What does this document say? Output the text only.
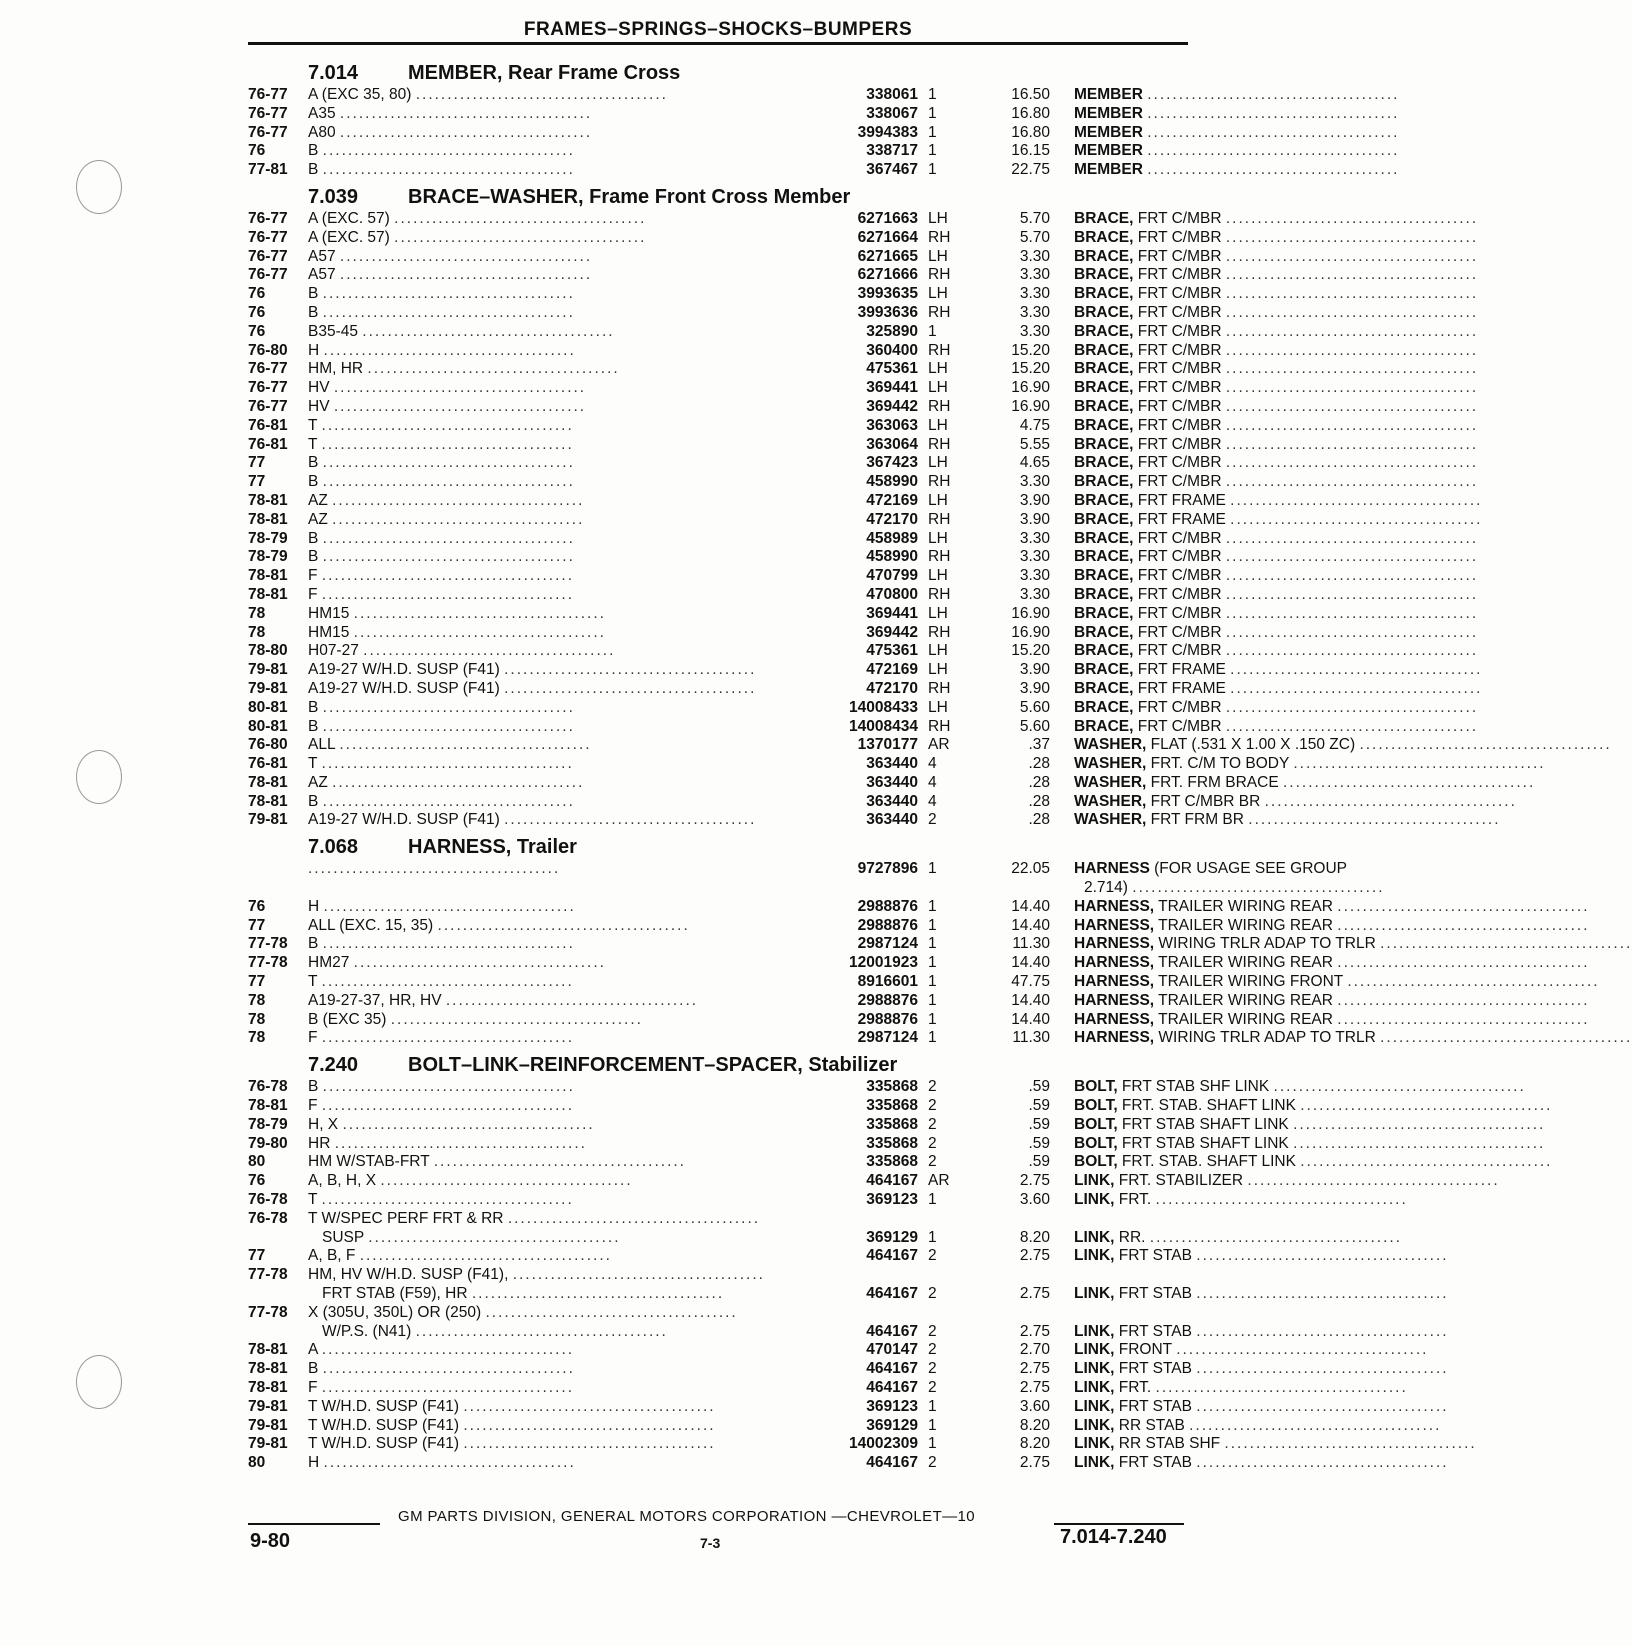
FRAMES–SPRINGS–SHOCKS–BUMPERS
7.014 MEMBER, Rear Frame Cross
76-77	A (EXC 35, 80) ........................................	338061 1	16.50 MEMBER ........................................
76-77	A35 ........................................	338067 1	16.80 MEMBER ........................................
76-77	A80 ........................................	3994383 1	16.80 MEMBER ........................................
76	B ........................................	338717 1	16.15 MEMBER ........................................
77-81	B ........................................	367467 1	22.75 MEMBER ........................................
7.039 BRACE–WASHER, Frame Front Cross Member
76-77	A (EXC. 57) ........................................	6271663 LH	5.70 BRACE, FRT C/MBR ........................................
76-77	A (EXC. 57) ........................................	6271664 RH	5.70 BRACE, FRT C/MBR ........................................
76-77	A57 ........................................	6271665 LH	3.30 BRACE, FRT C/MBR ........................................
76-77	A57 ........................................	6271666 RH	3.30 BRACE, FRT C/MBR ........................................
76	B ........................................	3993635 LH	3.30 BRACE, FRT C/MBR ........................................
76	B ........................................	3993636 RH	3.30 BRACE, FRT C/MBR ........................................
76	B35-45 ........................................	325890 1	3.30 BRACE, FRT C/MBR ........................................
76-80	H ........................................	360400 RH	15.20 BRACE, FRT C/MBR ........................................
76-77	HM, HR ........................................	475361 LH	15.20 BRACE, FRT C/MBR ........................................
76-77	HV ........................................	369441 LH	16.90 BRACE, FRT C/MBR ........................................
76-77	HV ........................................	369442 RH	16.90 BRACE, FRT C/MBR ........................................
76-81	T ........................................	363063 LH	4.75 BRACE, FRT C/MBR ........................................
76-81	T ........................................	363064 RH	5.55 BRACE, FRT C/MBR ........................................
77	B ........................................	367423 LH	4.65 BRACE, FRT C/MBR ........................................
77	B ........................................	458990 RH	3.30 BRACE, FRT C/MBR ........................................
78-81	AZ ........................................	472169 LH	3.90 BRACE, FRT FRAME ........................................
78-81	AZ ........................................	472170 RH	3.90 BRACE, FRT FRAME ........................................
78-79	B ........................................	458989 LH	3.30 BRACE, FRT C/MBR ........................................
78-79	B ........................................	458990 RH	3.30 BRACE, FRT C/MBR ........................................
78-81	F ........................................	470799 LH	3.30 BRACE, FRT C/MBR ........................................
78-81	F ........................................	470800 RH	3.30 BRACE, FRT C/MBR ........................................
78	HM15 ........................................	369441 LH	16.90 BRACE, FRT C/MBR ........................................
78	HM15 ........................................	369442 RH	16.90 BRACE, FRT C/MBR ........................................
78-80	H07-27 ........................................	475361 LH	15.20 BRACE, FRT C/MBR ........................................
79-81	A19-27 W/H.D. SUSP (F41) ........................................	472169 LH	3.90 BRACE, FRT FRAME ........................................
79-81	A19-27 W/H.D. SUSP (F41) ........................................	472170 RH	3.90 BRACE, FRT FRAME ........................................
80-81	B ........................................	14008433 LH	5.60 BRACE, FRT C/MBR ........................................
80-81	B ........................................	14008434 RH	5.60 BRACE, FRT C/MBR ........................................
76-80	ALL ........................................	1370177 AR	.37 WASHER, FLAT (.531 X 1.00 X .150 ZC) ........................................
76-81	T ........................................	363440 4	.28 WASHER, FRT. C/M TO BODY ........................................
78-81	AZ ........................................	363440 4	.28 WASHER, FRT. FRM BRACE ........................................
78-81	B ........................................	363440 4	.28 WASHER, FRT C/MBR BR ........................................
79-81	A19-27 W/H.D. SUSP (F41) ........................................	363440 2	.28 WASHER, FRT FRM BR ........................................
7.068 HARNESS, Trailer
........................................	9727896 1	22.05 HARNESS (FOR USAGE SEE GROUP
2.714) ........................................
76	H ........................................	2988876 1	14.40 HARNESS, TRAILER WIRING REAR ........................................
77	ALL (EXC. 15, 35) ........................................	2988876 1	14.40 HARNESS, TRAILER WIRING REAR ........................................
77-78	B ........................................	2987124 1	11.30 HARNESS, WIRING TRLR ADAP TO TRLR ........................................
77-78	HM27 ........................................	12001923 1	14.40 HARNESS, TRAILER WIRING REAR ........................................
77	T ........................................	8916601 1	47.75 HARNESS, TRAILER WIRING FRONT ........................................
78	A19-27-37, HR, HV ........................................	2988876 1	14.40 HARNESS, TRAILER WIRING REAR ........................................
78	B (EXC 35) ........................................	2988876 1	14.40 HARNESS, TRAILER WIRING REAR ........................................
78	F ........................................	2987124 1	11.30 HARNESS, WIRING TRLR ADAP TO TRLR ........................................
7.240 BOLT–LINK–REINFORCEMENT–SPACER, Stabilizer
76-78	B ........................................	335868 2	.59 BOLT, FRT STAB SHF LINK ........................................
78-81	F ........................................	335868 2	.59 BOLT, FRT. STAB. SHAFT LINK ........................................
78-79	H, X ........................................	335868 2	.59 BOLT, FRT STAB SHAFT LINK ........................................
79-80	HR ........................................	335868 2	.59 BOLT, FRT STAB SHAFT LINK ........................................
80	HM W/STAB-FRT ........................................	335868 2	.59 BOLT, FRT. STAB. SHAFT LINK ........................................
76	A, B, H, X ........................................	464167 AR	2.75 LINK, FRT. STABILIZER ........................................
76-78	T ........................................	369123 1	3.60 LINK, FRT. ........................................
76-78	T W/SPEC PERF FRT & RR ........................................
SUSP ........................................	369129 1	8.20 LINK, RR. ........................................
77	A, B, F ........................................	464167 2	2.75 LINK, FRT STAB ........................................
77-78	HM, HV W/H.D. SUSP (F41), ........................................
FRT STAB (F59), HR ........................................	464167 2	2.75 LINK, FRT STAB ........................................
77-78	X (305U, 350L) OR (250) ........................................
W/P.S. (N41) ........................................	464167 2	2.75 LINK, FRT STAB ........................................
78-81	A ........................................	470147 2	2.70 LINK, FRONT ........................................
78-81	B ........................................	464167 2	2.75 LINK, FRT STAB ........................................
78-81	F ........................................	464167 2	2.75 LINK, FRT. ........................................
79-81	T W/H.D. SUSP (F41) ........................................	369123 1	3.60 LINK, FRT STAB ........................................
79-81	T W/H.D. SUSP (F41) ........................................	369129 1	8.20 LINK, RR STAB ........................................
79-81	T W/H.D. SUSP (F41) ........................................	14002309 1	8.20 LINK, RR STAB SHF ........................................
80	H ........................................	464167 2	2.75 LINK, FRT STAB ........................................
GM PARTS DIVISION, GENERAL MOTORS CORPORATION —CHEVROLET—10
9-80	7-3	7.014-7.240
